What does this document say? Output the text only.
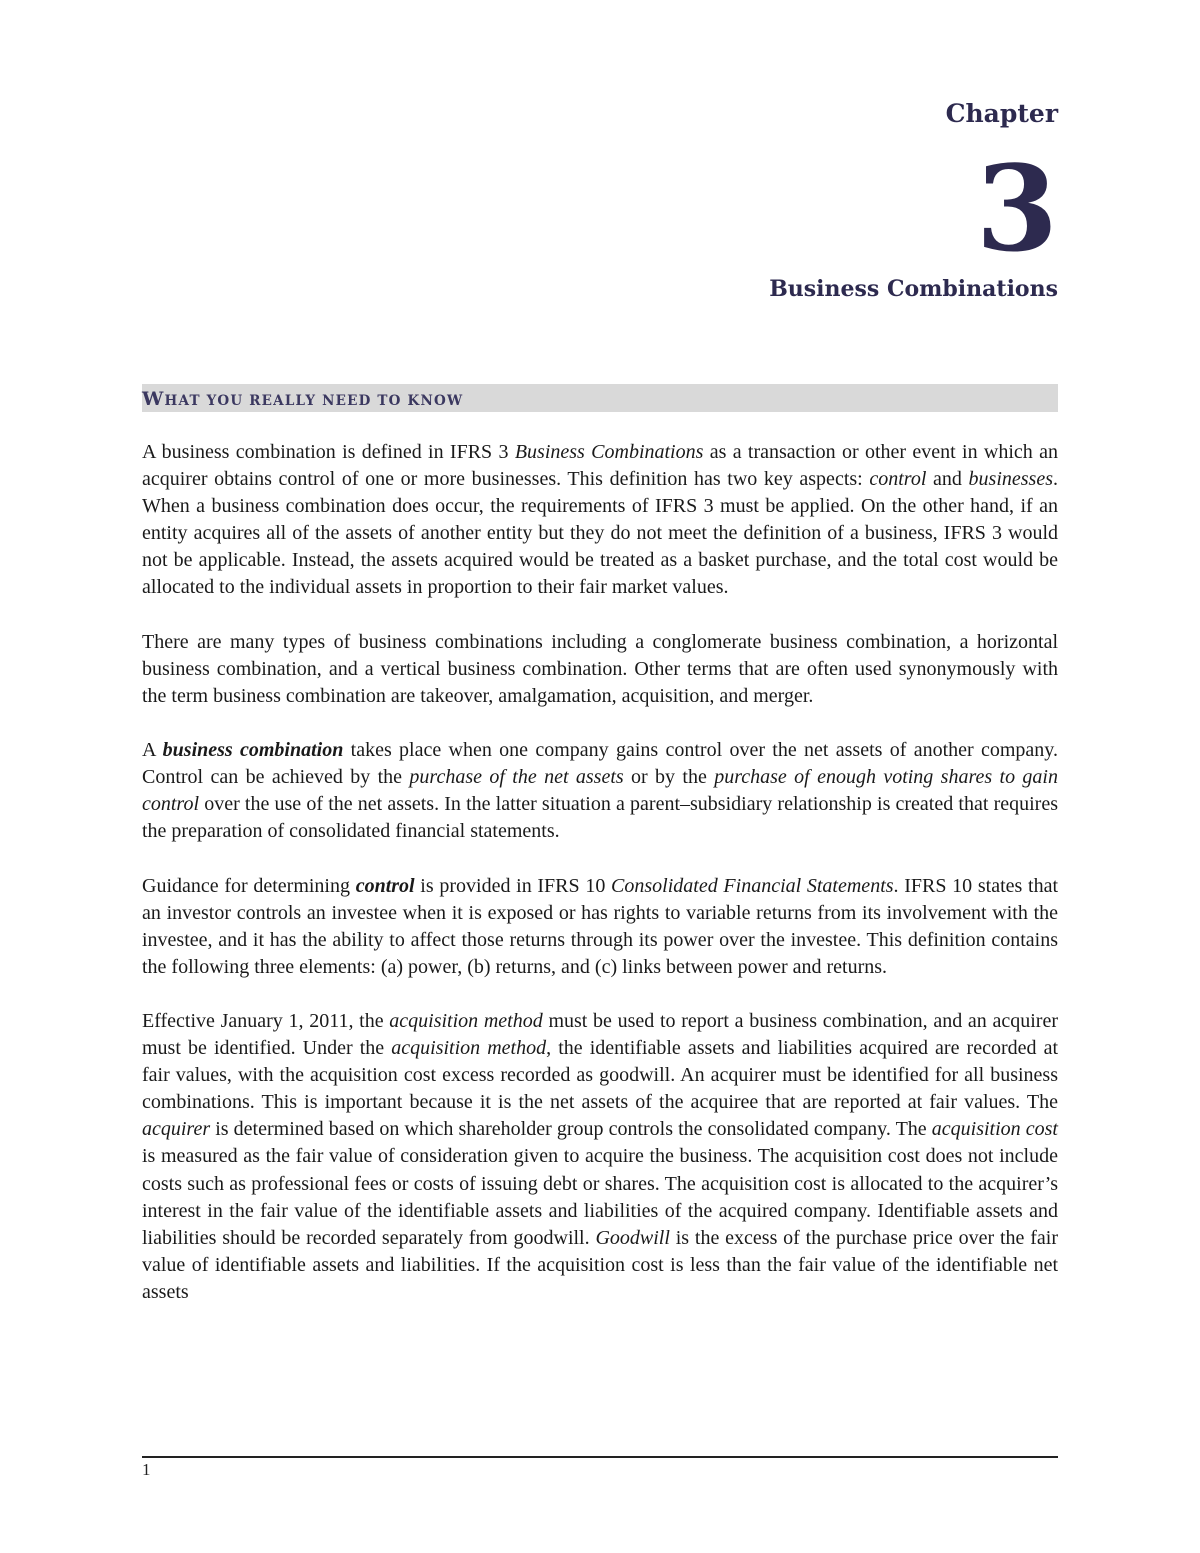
Chapter
3
Business Combinations
WHAT YOU REALLY NEED TO KNOW

A business combination is defined in IFRS 3 Business Combinations as a transaction or other event in which an acquirer obtains control of one or more businesses. This definition has two key aspects: control and businesses. When a business combination does occur, the requirements of IFRS 3 must be applied. On the other hand, if an entity acquires all of the assets of another entity but they do not meet the definition of a business, IFRS 3 would not be applicable. Instead, the assets acquired would be treated as a basket purchase, and the total cost would be allocated to the individual assets in proportion to their fair market values.

There are many types of business combinations including a conglomerate business combination, a horizontal business combination, and a vertical business combination. Other terms that are often used synonymously with the term business combination are takeover, amalgamation, acquisition, and merger.

A business combination takes place when one company gains control over the net assets of another company. Control can be achieved by the purchase of the net assets or by the purchase of enough voting shares to gain control over the use of the net assets. In the latter situation a parent–subsidiary relationship is created that requires the preparation of consolidated financial statements.

Guidance for determining control is provided in IFRS 10 Consolidated Financial Statements. IFRS 10 states that an investor controls an investee when it is exposed or has rights to variable returns from its involvement with the investee, and it has the ability to affect those returns through its power over the investee. This definition contains the following three elements: (a) power, (b) returns, and (c) links between power and returns.

Effective January 1, 2011, the acquisition method must be used to report a business combination, and an acquirer must be identified. Under the acquisition method, the identifiable assets and liabilities acquired are recorded at fair values, with the acquisition cost excess recorded as goodwill. An acquirer must be identified for all business combinations. This is important because it is the net assets of the acquiree that are reported at fair values. The acquirer is determined based on which shareholder group controls the consolidated company. The acquisition cost is measured as the fair value of consideration given to acquire the business. The acquisition cost does not include costs such as professional fees or costs of issuing debt or shares. The acquisition cost is allocated to the acquirer’s interest in the fair value of the identifiable assets and liabilities of the acquired company. Identifiable assets and liabilities should be recorded separately from goodwill. Goodwill is the excess of the purchase price over the fair value of identifiable assets and liabilities. If the acquisition cost is less than the fair value of the identifiable net assets

1
